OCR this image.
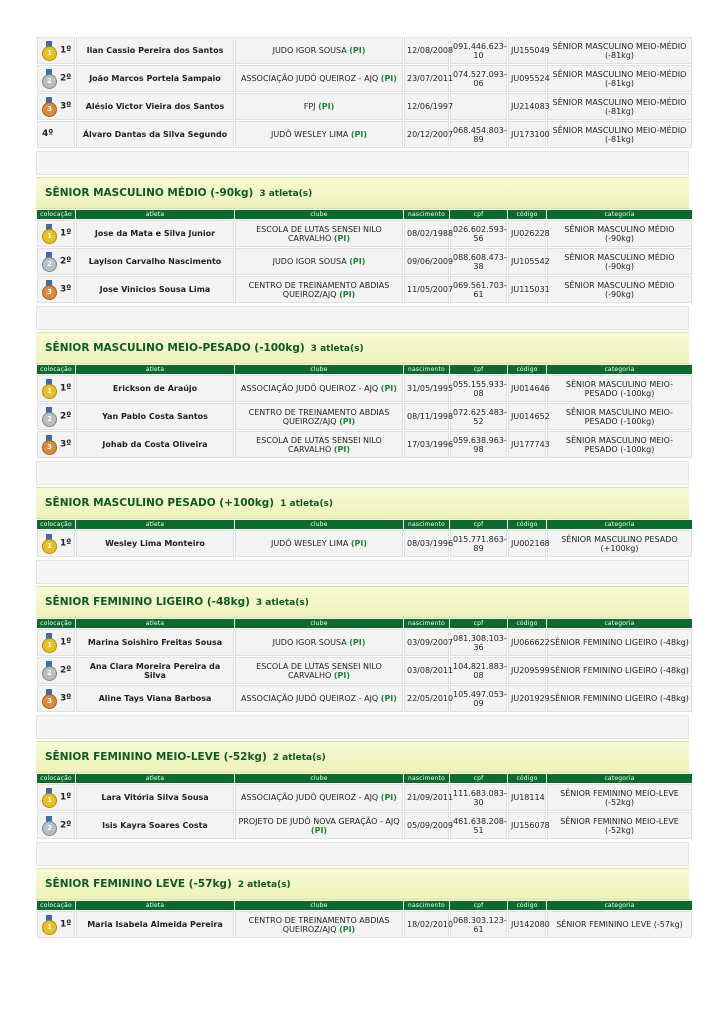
1 1º	Ilan Cassio Pereira dos Santos	JUDO IGOR SOUSA (PI)	12/08/2008	091.446.623-10	JU155049	SÊNIOR MASCULINO MEIO-MÉDIO (-81kg)

2 2º	João Marcos Portela Sampaio	ASSOCIAÇÃO JUDÔ QUEIROZ - AJQ (PI)	23/07/2011	074.527.093-06	JU095524	SÊNIOR MASCULINO MEIO-MÉDIO (-81kg)

3 3º	Alésio Victor Vieira dos Santos	FPJ (PI)	12/06/1997		JU214083	SÊNIOR MASCULINO MEIO-MÉDIO (-81kg)
4º	Álvaro Dantas da Silva Segundo	JUDÔ WESLEY LIMA (PI)	20/12/2007	068.454.803-89	JU173100	SÊNIOR MASCULINO MEIO-MÉDIO (-81kg)
SÊNIOR MASCULINO MÉDIO (-90kg) 3 atleta(s)
colocação	atleta	clube	nascimento	cpf	código	categoria

1 1º	Jose da Mata e Silva Junior	ESCOLA DE LUTAS SENSEI NILO CARVALHO (PI)	08/02/1988	026.602.593-56	JU026228	SÊNIOR MASCULINO MÉDIO (-90kg)

2 2º	Laylson Carvalho Nascimento	JUDO IGOR SOUSA (PI)	09/06/2009	088.608.473-38	JU105542	SÊNIOR MASCULINO MÉDIO (-90kg)

3 3º	Jose Vinicios Sousa Lima	CENTRO DE TREINAMENTO ABDIAS QUEIROZ/AJQ (PI)	11/05/2007	069.561.703-61	JU115031	SÊNIOR MASCULINO MÉDIO (-90kg)
SÊNIOR MASCULINO MEIO-PESADO (-100kg) 3 atleta(s)
colocação	atleta	clube	nascimento	cpf	código	categoria

1 1º	Erickson de Araújo	ASSOCIAÇÃO JUDÔ QUEIROZ - AJQ (PI)	31/05/1995	055.155.933-08	JU014646	SÊNIOR MASCULINO MEIO-PESADO (-100kg)

2 2º	Yan Pablo Costa Santos	CENTRO DE TREINAMENTO ABDIAS QUEIROZ/AJQ (PI)	08/11/1998	072.625.483-52	JU014652	SÊNIOR MASCULINO MEIO-PESADO (-100kg)

3 3º	Johab da Costa Oliveira	ESCOLA DE LUTAS SENSEI NILO CARVALHO (PI)	17/03/1996	059.638.963-98	JU177743	SÊNIOR MASCULINO MEIO-PESADO (-100kg)
SÊNIOR MASCULINO PESADO (+100kg) 1 atleta(s)
colocação	atleta	clube	nascimento	cpf	código	categoria

1 1º	Wesley Lima Monteiro	JUDÔ WESLEY LIMA (PI)	08/03/1996	015.771.863-89	JU002168	SÊNIOR MASCULINO PESADO (+100kg)
SÊNIOR FEMININO LIGEIRO (-48kg) 3 atleta(s)
colocação	atleta	clube	nascimento	cpf	código	categoria

1 1º	Marina Soishiro Freitas Sousa	JUDO IGOR SOUSA (PI)	03/09/2007	081.308.103-36	JU066622	SÊNIOR FEMININO LIGEIRO (-48kg)

2 2º	Ana Clara Moreira Pereira da Silva	ESCOLA DE LUTAS SENSEI NILO CARVALHO (PI)	03/08/2011	104.821.883-08	JU209599	SÊNIOR FEMININO LIGEIRO (-48kg)

3 3º	Aline Tays Viana Barbosa	ASSOCIAÇÃO JUDÔ QUEIROZ - AJQ (PI)	22/05/2010	105.497.053-09	JU201929	SÊNIOR FEMININO LIGEIRO (-48kg)
SÊNIOR FEMININO MEIO-LEVE (-52kg) 2 atleta(s)
colocação	atleta	clube	nascimento	cpf	código	categoria

1 1º	Lara Vitória Silva Sousa	ASSOCIAÇÃO JUDÔ QUEIROZ - AJQ (PI)	21/09/2011	111.683.083-30	JU18114	SÊNIOR FEMININO MEIO-LEVE (-52kg)

2 2º	Isis Kayra Soares Costa	PROJETO DE JUDÔ NOVA GERAÇÃO - AJQ (PI)	05/09/2009	461.638.208-51	JU156078	SÊNIOR FEMININO MEIO-LEVE (-52kg)
SÊNIOR FEMININO LEVE (-57kg) 2 atleta(s)
colocação	atleta	clube	nascimento	cpf	código	categoria

1 1º	Maria Isabela Almeida Pereira	CENTRO DE TREINAMENTO ABDIAS QUEIROZ/AJQ (PI)	18/02/2010	068.303.123-61	JU142080	SÊNIOR FEMININO LEVE (-57kg)
